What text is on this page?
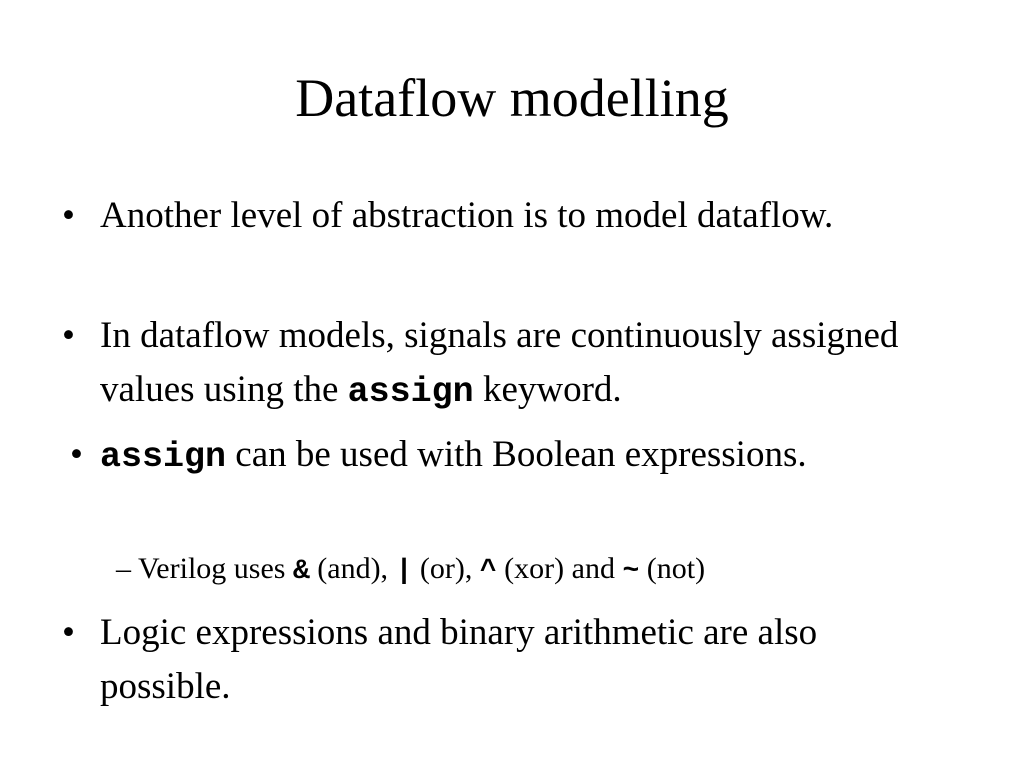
Dataflow modelling
• Another level of abstraction is to model dataflow.
• In dataflow models, signals are continuously assigned values using the assign keyword.
• assign can be used with Boolean expressions.
– Verilog uses & (and), | (or), ^ (xor) and ~ (not)
• Logic expressions and binary arithmetic are also possible.
